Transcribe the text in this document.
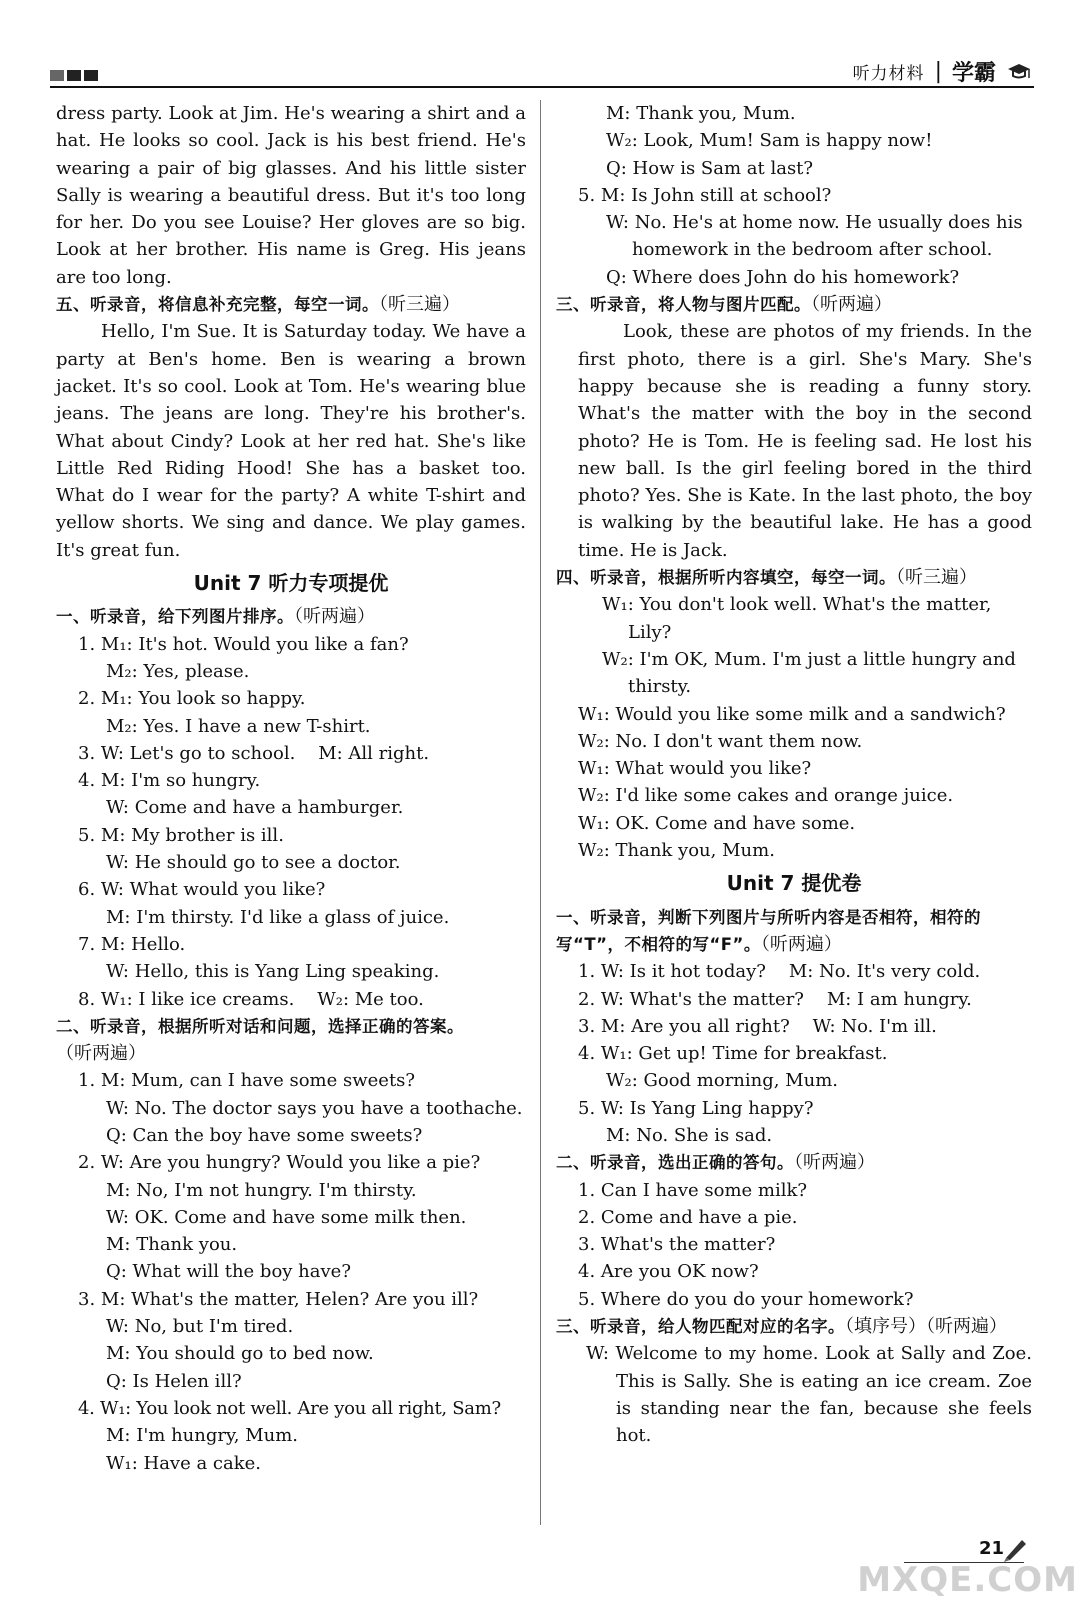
听力材料 | 学霸
dress party. Look at Jim. He's wearing a shirt and a hat. He looks so cool. Jack is his best friend. He's wearing a pair of big glasses. And his little sister Sally is wearing a beautiful dress. But it's too long for her. Do you see Louise? Her gloves are so big. Look at her brother. His name is Greg. His jeans are too long.
五、听录音，将信息补充完整，每空一词。（听三遍）
Hello, I'm Sue. It is Saturday today. We have a party at Ben's home. Ben is wearing a brown jacket. It's so cool. Look at Tom. He's wearing blue jeans. The jeans are long. They're his brother's. What about Cindy? Look at her red hat. She's like Little Red Riding Hood! She has a basket too. What do I wear for the party? A white T-shirt and yellow shorts. We sing and dance. We play games. It's great fun.
Unit 7 听力专项提优
一、听录音，给下列图片排序。（听两遍）
1. M₁: It's hot. Would you like a fan?
M₂: Yes, please.
2. M₁: You look so happy.
M₂: Yes. I have a new T-shirt.
3. W: Let's go to school.    M: All right.
4. M: I'm so hungry.
W: Come and have a hamburger.
5. M: My brother is ill.
W: He should go to see a doctor.
6. W: What would you like?
M: I'm thirsty. I'd like a glass of juice.
7. M: Hello.
W: Hello, this is Yang Ling speaking.
8. W₁: I like ice creams.    W₂: Me too.
二、听录音，根据所听对话和问题，选择正确的答案。
（听两遍）
1. M: Mum, can I have some sweets?
W: No. The doctor says you have a toothache.
Q: Can the boy have some sweets?
2. W: Are you hungry? Would you like a pie?
M: No, I'm not hungry. I'm thirsty.
W: OK. Come and have some milk then.
M: Thank you.
Q: What will the boy have?
3. M: What's the matter, Helen? Are you ill?
W: No, but I'm tired.
M: You should go to bed now.
Q: Is Helen ill?
4. W₁: You look not well. Are you all right, Sam?
M: I'm hungry, Mum.
W₁: Have a cake.
M: Thank you, Mum.
W₂: Look, Mum! Sam is happy now!
Q: How is Sam at last?
5. M: Is John still at school?
W: No. He's at home now. He usually does his homework in the bedroom after school.
Q: Where does John do his homework?
三、听录音，将人物与图片匹配。（听两遍）
Look, these are photos of my friends. In the first photo, there is a girl. She's Mary. She's happy because she is reading a funny story. What's the matter with the boy in the second photo? He is Tom. He is feeling sad. He lost his new ball. Is the girl feeling bored in the third photo? Yes. She is Kate. In the last photo, the boy is walking by the beautiful lake. He has a good time. He is Jack.
四、听录音，根据所听内容填空，每空一词。（听三遍）
W₁: You don't look well. What's the matter, Lily?
W₂: I'm OK, Mum. I'm just a little hungry and thirsty.
W₁: Would you like some milk and a sandwich?
W₂: No. I don't want them now.
W₁: What would you like?
W₂: I'd like some cakes and orange juice.
W₁: OK. Come and have some.
W₂: Thank you, Mum.
Unit 7 提优卷
一、听录音，判断下列图片与所听内容是否相符，相符的写“T”，不相符的写“F”。（听两遍）
1. W: Is it hot today?    M: No. It's very cold.
2. W: What's the matter?    M: I am hungry.
3. M: Are you all right?    W: No. I'm ill.
4. W₁: Get up! Time for breakfast.
W₂: Good morning, Mum.
5. W: Is Yang Ling happy?
M: No. She is sad.
二、听录音，选出正确的答句。（听两遍）
1. Can I have some milk?
2. Come and have a pie.
3. What's the matter?
4. Are you OK now?
5. Where do you do your homework?
三、听录音，给人物匹配对应的名字。（填序号）（听两遍）
W: Welcome to my home. Look at Sally and Zoe. This is Sally. She is eating an ice cream. Zoe is standing near the fan, because she feels hot.
21
MXQE.COM
